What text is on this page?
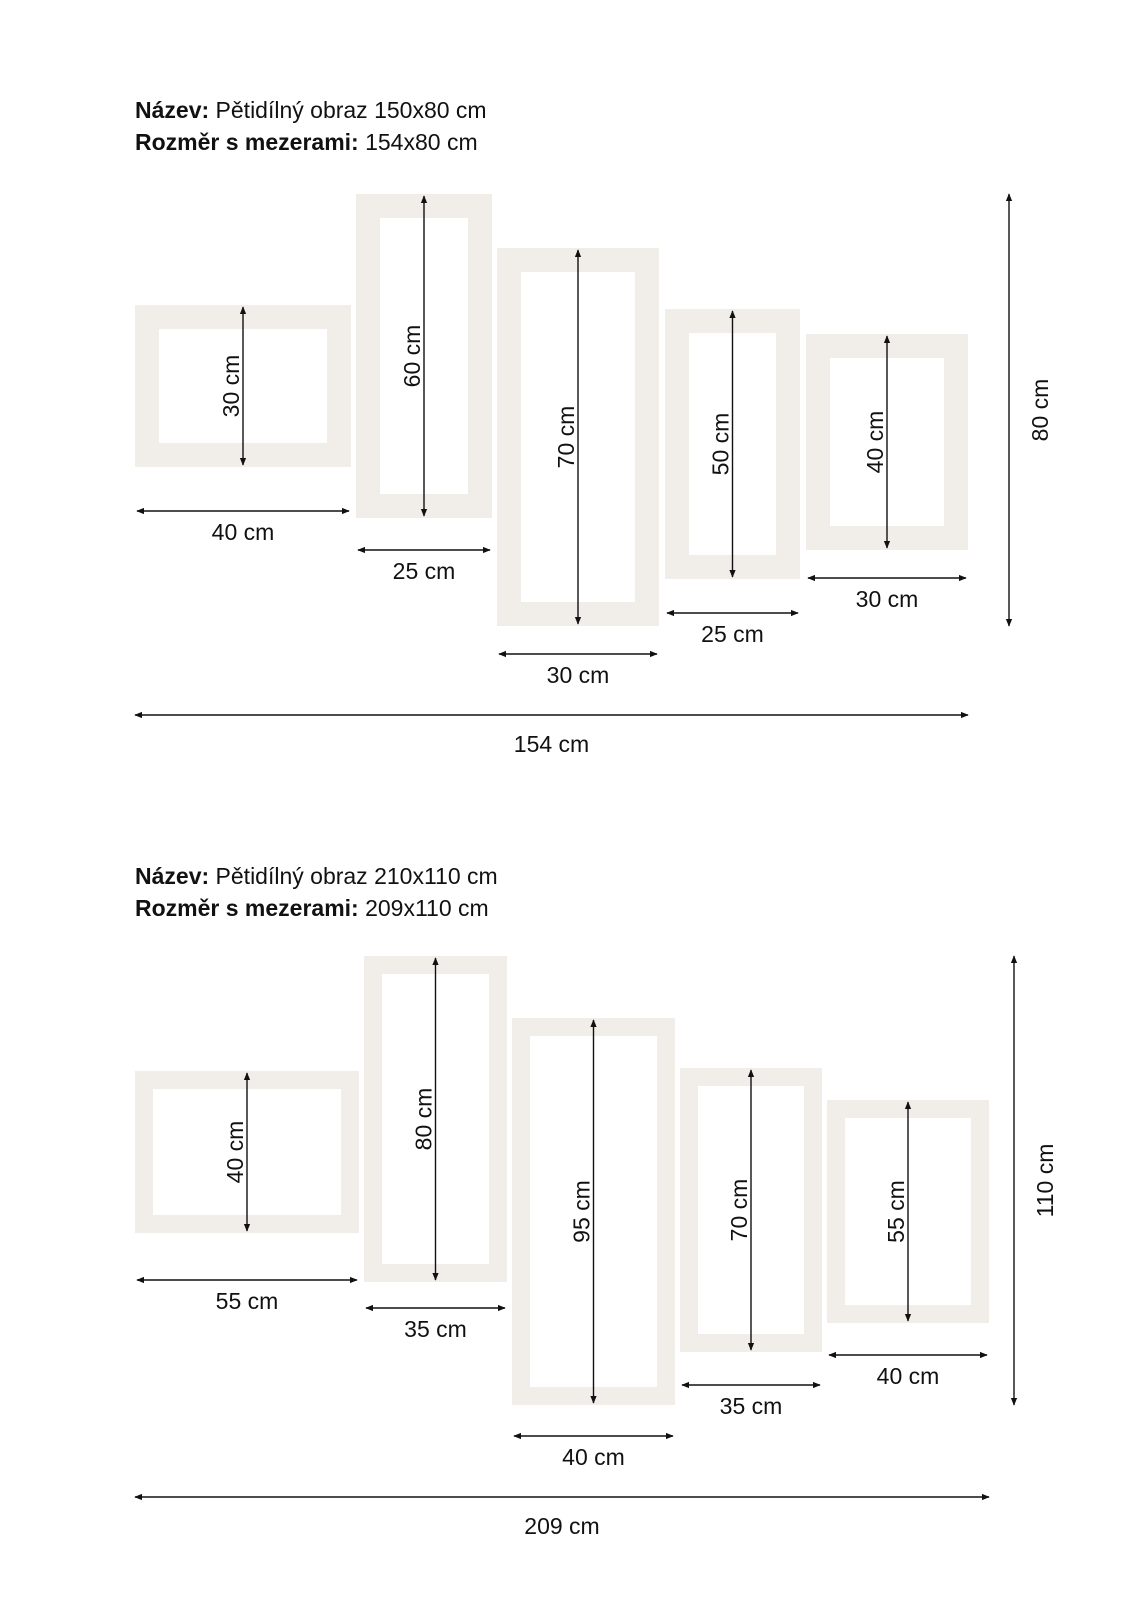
Název: Pětidílný obraz 150x80 cm
Rozměr s mezerami: 154x80 cm
Název: Pětidílný obraz 210x110 cm
Rozměr s mezerami: 209x110 cm
30 cm
40 cm
60 cm
25 cm
70 cm
30 cm
50 cm
25 cm
40 cm
30 cm
154 cm
80 cm
40 cm
55 cm
80 cm
35 cm
95 cm
40 cm
70 cm
35 cm
55 cm
40 cm
209 cm
110 cm
